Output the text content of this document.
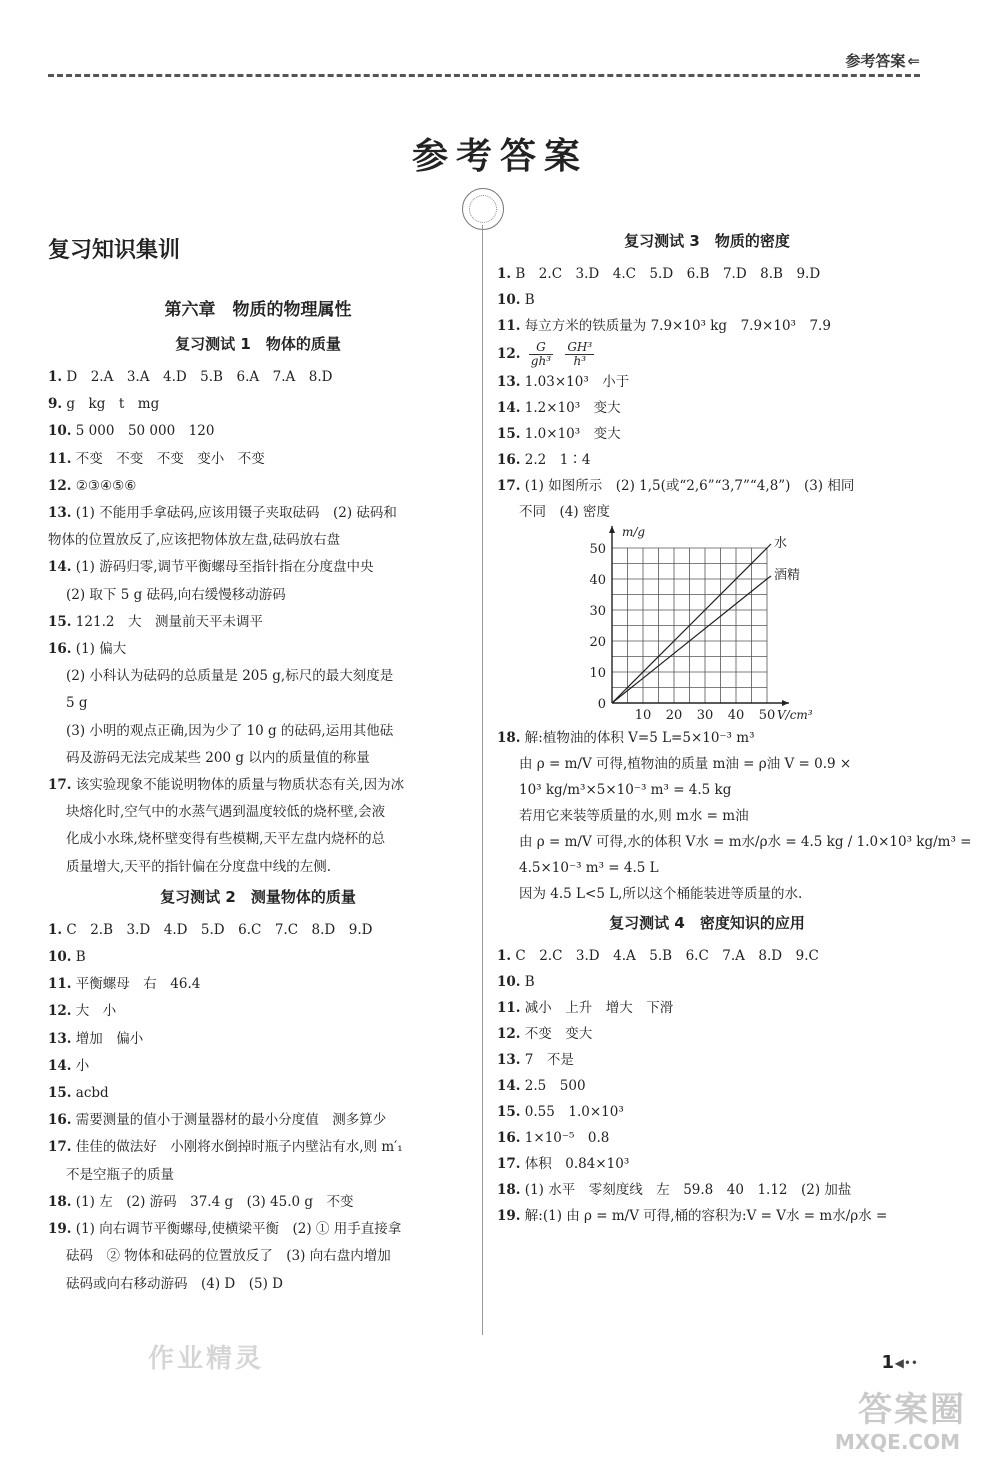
参考答案 ⇐
参考答案
复习知识集训
第六章　物质的物理属性
复习测试 1　物体的质量
1. D　2.A　3.A　4.D　5.B　6.A　7.A　8.D
9. g　kg　t　mg
10. 5 000　50 000　120
11. 不变　不变　不变　变小　不变
12. ②③④⑤⑥
13. (1) 不能用手拿砝码,应该用镊子夹取砝码　(2) 砝码和
物体的位置放反了,应该把物体放左盘,砝码放右盘
14. (1) 游码归零,调节平衡螺母至指针指在分度盘中央
(2) 取下 5 g 砝码,向右缓慢移动游码
15. 121.2　大　测量前天平未调平
16. (1) 偏大
(2) 小科认为砝码的总质量是 205 g,标尺的最大刻度是
5 g
(3) 小明的观点正确,因为少了 10 g 的砝码,运用其他砝
码及游码无法完成某些 200 g 以内的质量值的称量
17. 该实验现象不能说明物体的质量与物质状态有关,因为冰
块熔化时,空气中的水蒸气遇到温度较低的烧杯壁,会液
化成小水珠,烧杯壁变得有些模糊,天平左盘内烧杯的总
质量增大,天平的指针偏在分度盘中线的左侧.
复习测试 2　测量物体的质量
1. C　2.B　3.D　4.D　5.D　6.C　7.C　8.D　9.D
10. B
11. 平衡螺母　右　46.4
12. 大　小
13. 增加　偏小
14. 小
15. acbd
16. 需要测量的值小于测量器材的最小分度值　测多算少
17. 佳佳的做法好　小刚将水倒掉时瓶子内壁沾有水,则 m′₁
不是空瓶子的质量
18. (1) 左　(2) 游码　37.4 g　(3) 45.0 g　不变
19. (1) 向右调节平衡螺母,使横梁平衡　(2) ① 用手直接拿
砝码　② 物体和砝码的位置放反了　(3) 向右盘内增加
砝码或向右移动游码　(4) D　(5) D
复习测试 3　物质的密度
1. B　2.C　3.D　4.C　5.D　6.B　7.D　8.B　9.D
10. B
11. 每立方米的铁质量为 7.9×10³ kg　7.9×10³　7.9
12. $\frac{G}{\text{gh³}}$
$\frac{\text{GH³}}{\text{h³}}$
13. 1.03×10³　小于
14. 1.2×10³　变大
15. 1.0×10³　变大
16. 2.2　1∶4
17. (1) 如图所示　(2) 1,5(或“2,6”“3,7”“4,8”)　(3) 相同
不同　(4) 密度
10 20 30 40 50
0
10
20
30
40
50
V/cm³
m/g
水
酒精
18. 解:植物油的体积 V=5 L=5×10⁻³ m³
由 ρ = m/V 可得,植物油的质量 m油 = ρ油 V = 0.9 ×
10³ kg/m³×5×10⁻³ m³ = 4.5 kg
若用它来装等质量的水,则 m水 = m油
由 ρ = m/V 可得,水的体积 V水 = m水/ρ水 = 4.5 kg / 1.0×10³ kg/m³ =
4.5×10⁻³ m³ = 4.5 L
因为 4.5 L<5 L,所以这个桶能装进等质量的水.
复习测试 4　密度知识的应用
1. C　2.C　3.D　4.A　5.B　6.C　7.A　8.D　9.C
10. B
11. 减小　上升　增大　下滑
12. 不变　变大
13. 7　不是
14. 2.5　500
15. 0.55　1.0×10³
16. 1×10⁻⁵　0.8
17. 体积　0.84×10³
18. (1) 水平　零刻度线　左　59.8　40　1.12　(2) 加盐
19. 解:(1) 由 ρ = m/V 可得,桶的容积为:V = V水 = m水/ρ水 =
1 ◀••
作业精灵
答案圈
MXQE.COM
